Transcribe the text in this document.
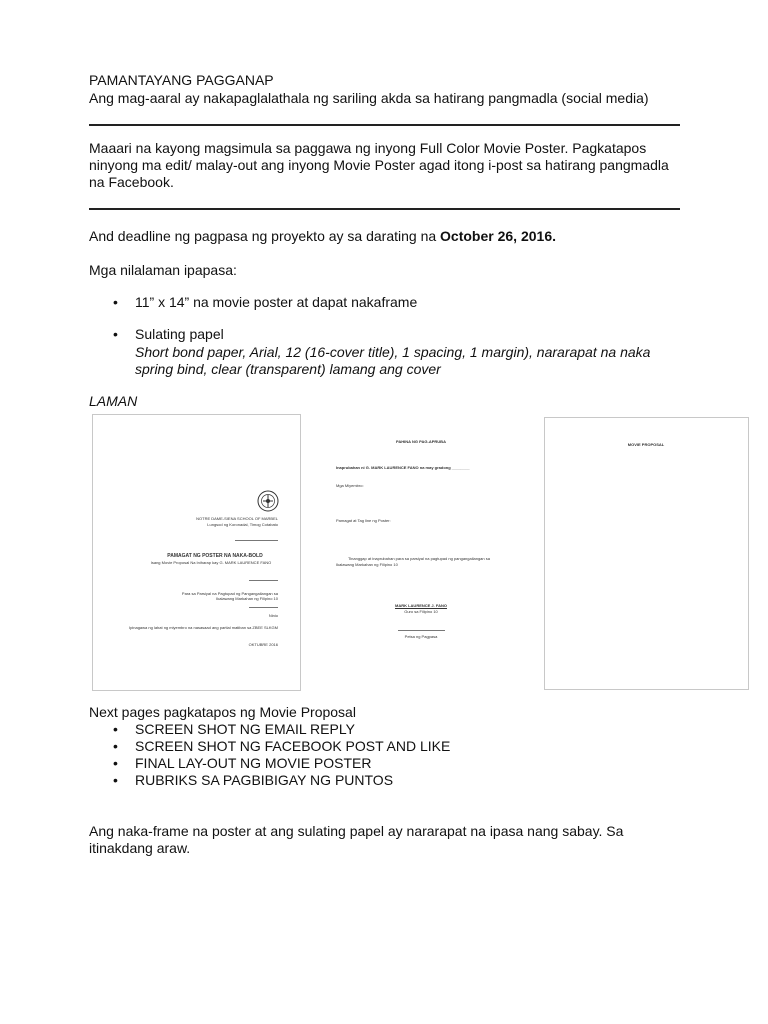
PAMANTAYANG PAGGANAP
Ang mag-aaral ay nakapaglalathala ng sariling akda sa hatirang pangmadla (social media)
Maaari na kayong magsimula sa paggawa ng inyong Full Color Movie Poster. Pagkatapos
ninyong ma edit/ malay-out ang inyong Movie Poster agad itong i-post sa hatirang pangmadla
na Facebook.
And deadline ng pagpasa ng proyekto ay sa darating na October 26, 2016.
Mga nilalaman ipapasa:
• 11” x 14” na movie poster at dapat nakaframe
• Sulating papel
Short bond paper, Arial, 12 (16-cover title), 1 spacing, 1 margin), nararapat na naka
spring bind, clear (transparent) lamang ang cover
LAMAN
NOTRE DAME-SIENA SCHOOL OF MARBEL
Lungsod ng Koronadal, Timog Cotabato
PAMAGAT NG POSTER NA NAKA-BOLD
Isang Movie Proposal Na Iniharap kay G. MARK LAURENCE FANO
Para sa Parsiyal na Pagtupad ng Pangangailangan sa
Ikalawang Markahan ng Filipino 10
Ninio
Ipinagawa ng lahat ng miyembro na nasasaad ang partial matiban sa ZBEE SLKGM
OKTUBRE 2016
PAHINA NG PAG-APRUBA
Inaprubahan ni G. MARK LAURENCE FANO na may gradong ________
Mga Miyembro:
Pamagat at Tag line ng Poster:
Tinanggap at inaprubahan para sa parsiyal na pagtupad ng pangangailangan sa
Ikalawang Markahan ng Filipino 10
MARK LAURENCE J. FANO
Guro sa Filipino 10
Petsa ng Pagpasa
MOVIE PROPOSAL
Next pages pagkatapos ng Movie Proposal
• SCREEN SHOT NG EMAIL REPLY
• SCREEN SHOT NG FACEBOOK POST AND LIKE
• FINAL LAY-OUT NG MOVIE POSTER
• RUBRIKS SA PAGBIBIGAY NG PUNTOS
Ang naka-frame na poster at ang sulating papel ay nararapat na ipasa nang sabay. Sa
itinakdang araw.
